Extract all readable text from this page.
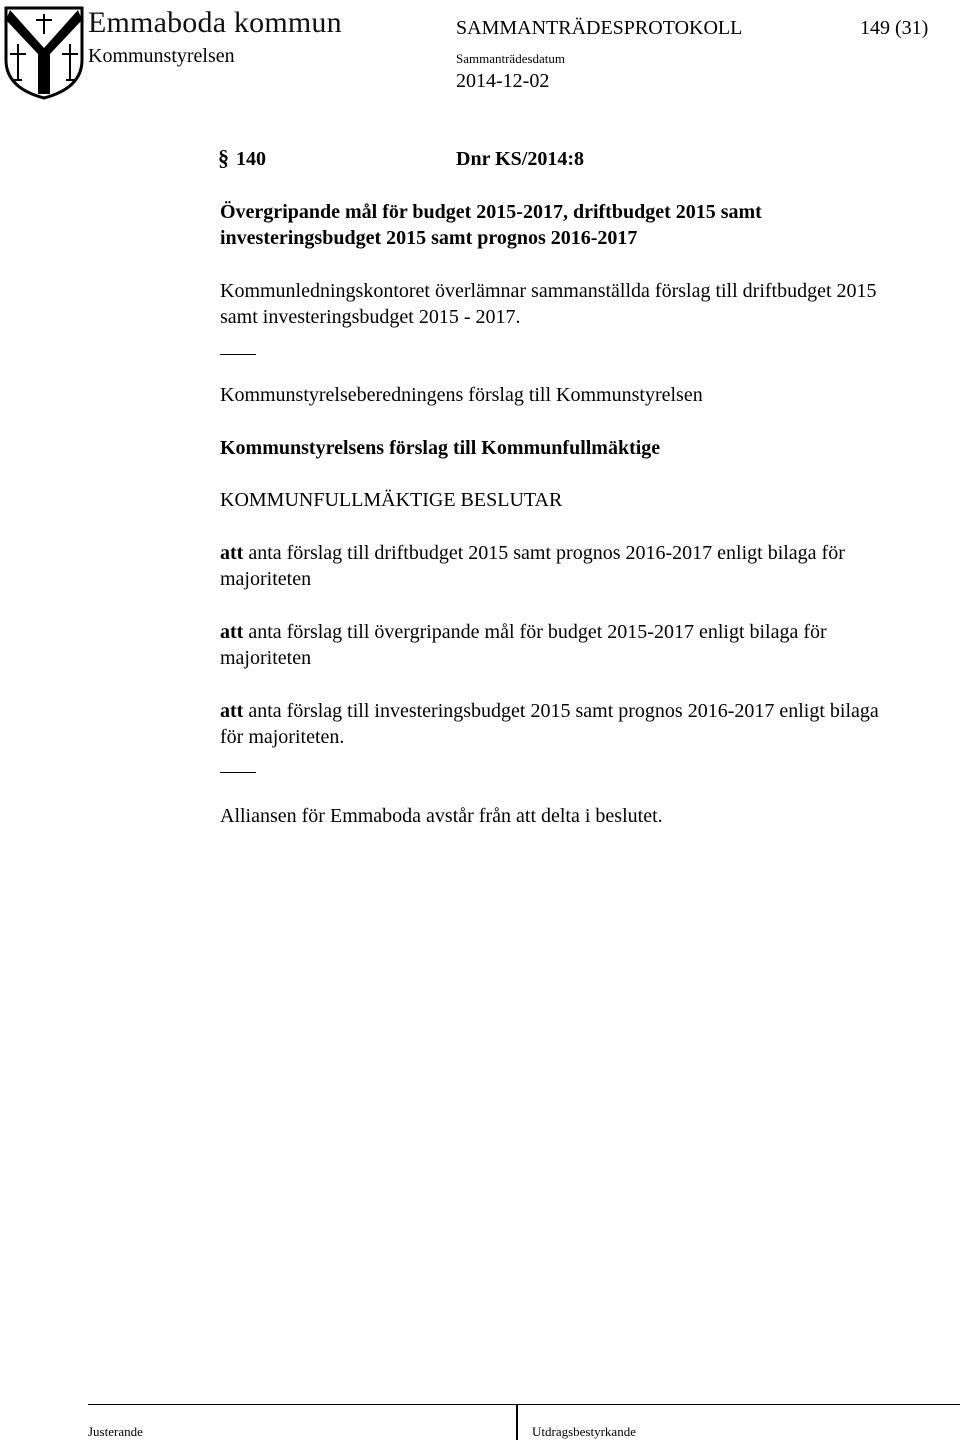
Emmaboda kommun
Kommunstyrelsen
SAMMANTRÄDESPROTOKOLL	149 (31)
Sammanträdesdatum
2014-12-02
§ 140	Dnr KS/2014:8
Övergripande mål för budget 2015-2017, driftbudget 2015 samt
investeringsbudget 2015 samt prognos 2016-2017
Kommunledningskontoret överlämnar sammanställda förslag till driftbudget 2015
samt investeringsbudget 2015 - 2017.
Kommunstyrelseberedningens förslag till Kommunstyrelsen
Kommunstyrelsens förslag till Kommunfullmäktige
KOMMUNFULLMÄKTIGE BESLUTAR
att anta förslag till driftbudget 2015 samt prognos 2016-2017 enligt bilaga för
majoriteten
att anta förslag till övergripande mål för budget 2015-2017 enligt bilaga för
majoriteten
att anta förslag till investeringsbudget 2015 samt prognos 2016-2017 enligt bilaga
för majoriteten.
Alliansen för Emmaboda avstår från att delta i beslutet.
Justerande	Utdragsbestyrkande
